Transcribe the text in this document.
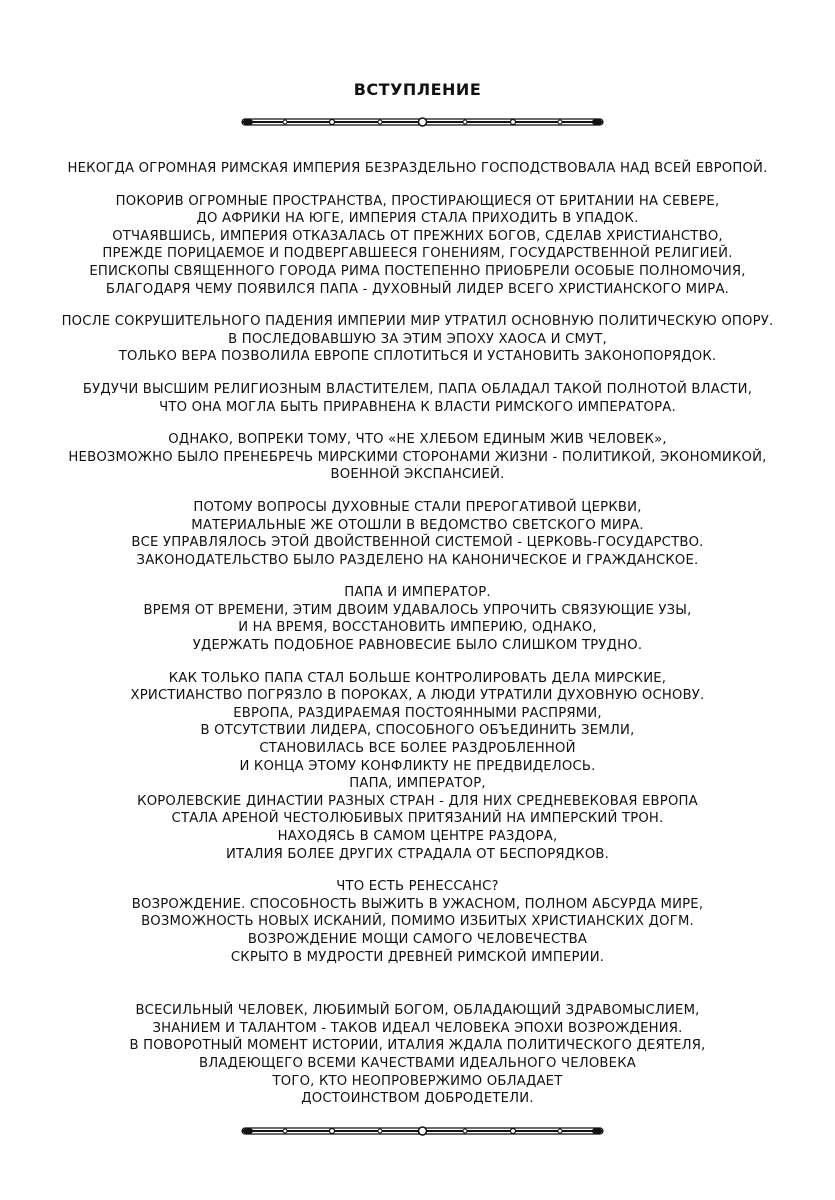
ВСТУПЛЕНИЕ
НЕКОГДА ОГРОМНАЯ РИМСКАЯ ИМПЕРИЯ БЕЗРАЗДЕЛЬНО ГОСПОДСТВОВАЛА НАД ВСЕЙ ЕВРОПОЙ.
ПОКОРИВ ОГРОМНЫЕ ПРОСТРАНСТВА, ПРОСТИРАЮЩИЕСЯ ОТ БРИТАНИИ НА СЕВЕРЕ,
ДО АФРИКИ НА ЮГЕ, ИМПЕРИЯ СТАЛА ПРИХОДИТЬ В УПАДОК.
ОТЧАЯВШИСЬ, ИМПЕРИЯ ОТКАЗАЛАСЬ ОТ ПРЕЖНИХ БОГОВ, СДЕЛАВ ХРИСТИАНСТВО,
ПРЕЖДЕ ПОРИЦАЕМОЕ И ПОДВЕРГАВШЕЕСЯ ГОНЕНИЯМ, ГОСУДАРСТВЕННОЙ РЕЛИГИЕЙ.
ЕПИСКОПЫ СВЯЩЕННОГО ГОРОДА РИМА ПОСТЕПЕННО ПРИОБРЕЛИ ОСОБЫЕ ПОЛНОМОЧИЯ,
БЛАГОДАРЯ ЧЕМУ ПОЯВИЛСЯ ПАПА - ДУХОВНЫЙ ЛИДЕР ВСЕГО ХРИСТИАНСКОГО МИРА.
ПОСЛЕ СОКРУШИТЕЛЬНОГО ПАДЕНИЯ ИМПЕРИИ МИР УТРАТИЛ ОСНОВНУЮ ПОЛИТИЧЕСКУЮ ОПОРУ.
В ПОСЛЕДОВАВШУЮ ЗА ЭТИМ ЭПОХУ ХАОСА И СМУТ,
ТОЛЬКО ВЕРА ПОЗВОЛИЛА ЕВРОПЕ СПЛОТИТЬСЯ И УСТАНОВИТЬ ЗАКОНОПОРЯДОК.
БУДУЧИ ВЫСШИМ РЕЛИГИОЗНЫМ ВЛАСТИТЕЛЕМ, ПАПА ОБЛАДАЛ ТАКОЙ ПОЛНОТОЙ ВЛАСТИ,
ЧТО ОНА МОГЛА БЫТЬ ПРИРАВНЕНА К ВЛАСТИ РИМСКОГО ИМПЕРАТОРА.
ОДНАКО, ВОПРЕКИ ТОМУ, ЧТО «НЕ ХЛЕБОМ ЕДИНЫМ ЖИВ ЧЕЛОВЕК»,
НЕВОЗМОЖНО БЫЛО ПРЕНЕБРЕЧЬ МИРСКИМИ СТОРОНАМИ ЖИЗНИ - ПОЛИТИКОЙ, ЭКОНОМИКОЙ,
ВОЕННОЙ ЭКСПАНСИЕЙ.
ПОТОМУ ВОПРОСЫ ДУХОВНЫЕ СТАЛИ ПРЕРОГАТИВОЙ ЦЕРКВИ,
МАТЕРИАЛЬНЫЕ ЖЕ ОТОШЛИ В ВЕДОМСТВО СВЕТСКОГО МИРА.
ВСЕ УПРАВЛЯЛОСЬ ЭТОЙ ДВОЙСТВЕННОЙ СИСТЕМОЙ - ЦЕРКОВЬ-ГОСУДАРСТВО.
ЗАКОНОДАТЕЛЬСТВО БЫЛО РАЗДЕЛЕНО НА КАНОНИЧЕСКОЕ И ГРАЖДАНСКОЕ.
ПАПА И ИМПЕРАТОР.
ВРЕМЯ ОТ ВРЕМЕНИ, ЭТИМ ДВОИМ УДАВАЛОСЬ УПРОЧИТЬ СВЯЗУЮЩИЕ УЗЫ,
И НА ВРЕМЯ, ВОССТАНОВИТЬ ИМПЕРИЮ, ОДНАКО,
УДЕРЖАТЬ ПОДОБНОЕ РАВНОВЕСИЕ БЫЛО СЛИШКОМ ТРУДНО.
КАК ТОЛЬКО ПАПА СТАЛ БОЛЬШЕ КОНТРОЛИРОВАТЬ ДЕЛА МИРСКИЕ,
ХРИСТИАНСТВО ПОГРЯЗЛО В ПОРОКАХ, А ЛЮДИ УТРАТИЛИ ДУХОВНУЮ ОСНОВУ.
ЕВРОПА, РАЗДИРАЕМАЯ ПОСТОЯННЫМИ РАСПРЯМИ,
В ОТСУТСТВИИ ЛИДЕРА, СПОСОБНОГО ОБЪЕДИНИТЬ ЗЕМЛИ,
СТАНОВИЛАСЬ ВСЕ БОЛЕЕ РАЗДРОБЛЕННОЙ
И КОНЦА ЭТОМУ КОНФЛИКТУ НЕ ПРЕДВИДЕЛОСЬ.
ПАПА, ИМПЕРАТОР,
КОРОЛЕВСКИЕ ДИНАСТИИ РАЗНЫХ СТРАН - ДЛЯ НИХ СРЕДНЕВЕКОВАЯ ЕВРОПА
СТАЛА АРЕНОЙ ЧЕСТОЛЮБИВЫХ ПРИТЯЗАНИЙ НА ИМПЕРСКИЙ ТРОН.
НАХОДЯСЬ В САМОМ ЦЕНТРЕ РАЗДОРА,
ИТАЛИЯ БОЛЕЕ ДРУГИХ СТРАДАЛА ОТ БЕСПОРЯДКОВ.
ЧТО ЕСТЬ РЕНЕССАНС?
ВОЗРОЖДЕНИЕ. СПОСОБНОСТЬ ВЫЖИТЬ В УЖАСНОМ, ПОЛНОМ АБСУРДА МИРЕ,
ВОЗМОЖНОСТЬ НОВЫХ ИСКАНИЙ, ПОМИМО ИЗБИТЫХ ХРИСТИАНСКИХ ДОГМ.
ВОЗРОЖДЕНИЕ МОЩИ САМОГО ЧЕЛОВЕЧЕСТВА
СКРЫТО В МУДРОСТИ ДРЕВНЕЙ РИМСКОЙ ИМПЕРИИ.
ВСЕСИЛЬНЫЙ ЧЕЛОВЕК, ЛЮБИМЫЙ БОГОМ, ОБЛАДАЮЩИЙ ЗДРАВОМЫСЛИЕМ,
ЗНАНИЕМ И ТАЛАНТОМ - ТАКОВ ИДЕАЛ ЧЕЛОВЕКА ЭПОХИ ВОЗРОЖДЕНИЯ.
В ПОВОРОТНЫЙ МОМЕНТ ИСТОРИИ, ИТАЛИЯ ЖДАЛА ПОЛИТИЧЕСКОГО ДЕЯТЕЛЯ,
ВЛАДЕЮЩЕГО ВСЕМИ КАЧЕСТВАМИ ИДЕАЛЬНОГО ЧЕЛОВЕКА
ТОГО, КТО НЕОПРОВЕРЖИМО ОБЛАДАЕТ
ДОСТОИНСТВОМ ДОБРОДЕТЕЛИ.
